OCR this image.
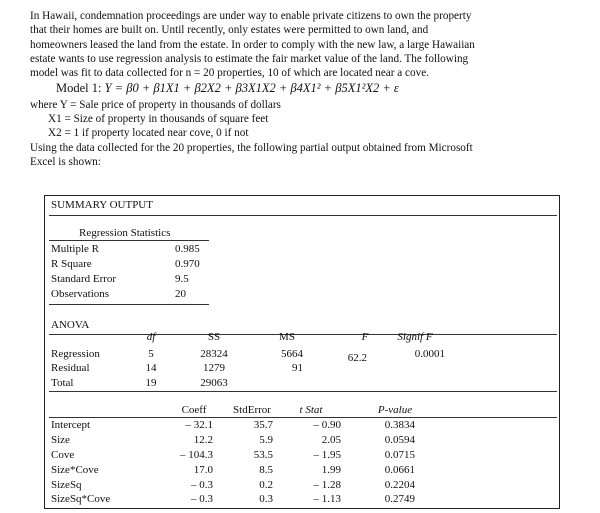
In Hawaii, condemnation proceedings are under way to enable private citizens to own the property
that their homes are built on. Until recently, only estates were permitted to own land, and
homeowners leased the land from the estate. In order to comply with the new law, a large Hawaiian
estate wants to use regression analysis to estimate the fair market value of the land. The following
model was fit to data collected for n = 20 properties, 10 of which are located near a cove.
Model 1: Y = β0 + β1X1 + β2X2 + β3X1X2 + β4X1² + β5X1²X2 + ε
where Y = Sale price of property in thousands of dollars
X1 = Size of property in thousands of square feet
X2 = 1 if property located near cove, 0 if not
Using the data collected for the 20 properties, the following partial output obtained from Microsoft
Excel is shown:
SUMMARY OUTPUT
Regression Statistics
Multiple R	0.985
R Square	0.970
Standard Error	9.5
Observations	20
ANOVA
df	SS	MS	F	Signif F
Regression	5	28324	5664	62.2	0.0001
Residual	14	1279	91
Total	19	29063
Coeff	StdError	t Stat	P-value
Intercept	– 32.1	35.7	– 0.90	0.3834
Size	12.2	5.9	2.05	0.0594
Cove	– 104.3	53.5	– 1.95	0.0715
Size*Cove	17.0	8.5	1.99	0.0661
SizeSq	– 0.3	0.2	– 1.28	0.2204
SizeSq*Cove	– 0.3	0.3	– 1.13	0.2749
